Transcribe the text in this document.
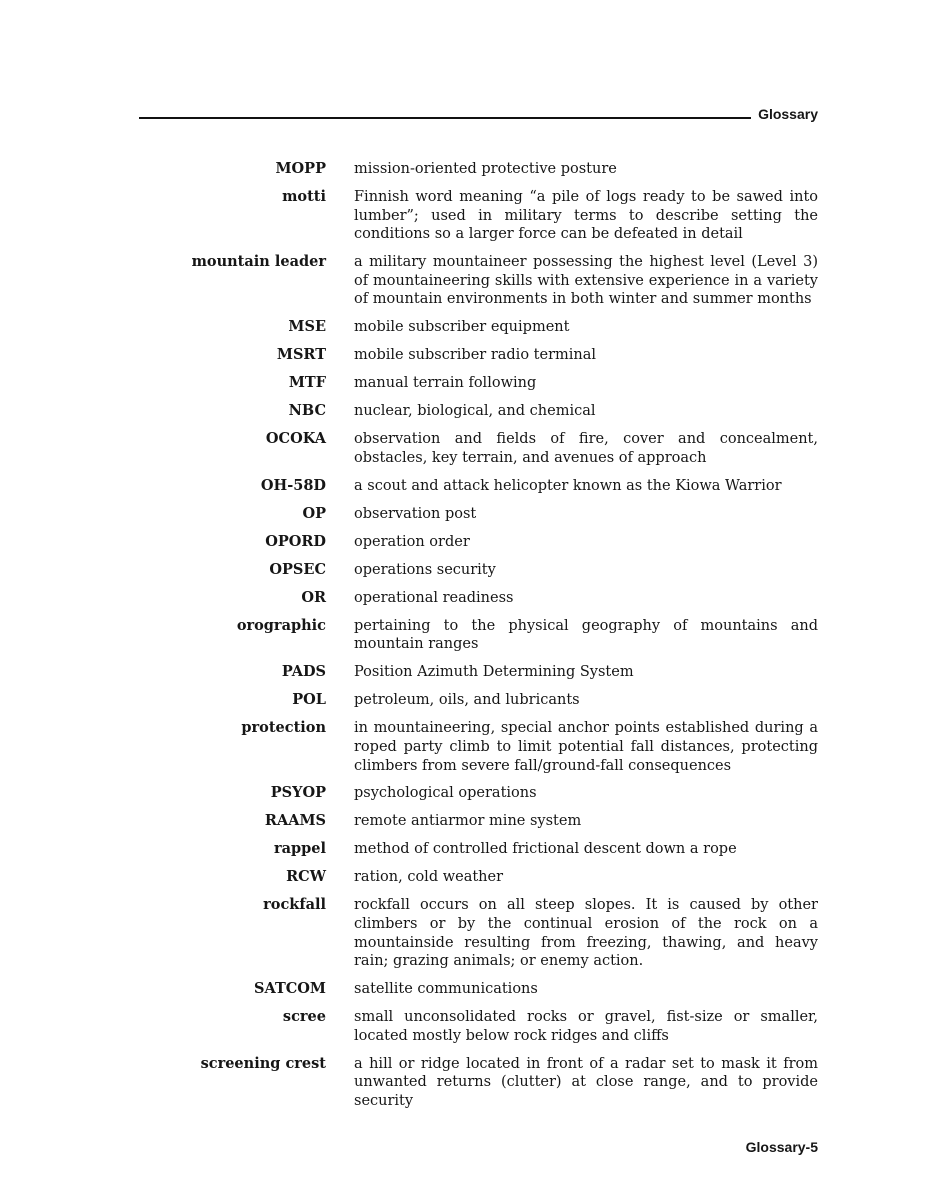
Glossary
MOPP mission-oriented protective posture
motti Finnish word meaning “a pile of logs ready to be sawed into lumber”; used in military terms to describe setting the conditions so a larger force can be defeated in detail
mountain leader a military mountaineer possessing the highest level (Level 3) of mountaineering skills with extensive experience in a variety of mountain environments in both winter and summer months
MSE mobile subscriber equipment
MSRT mobile subscriber radio terminal
MTF manual terrain following
NBC nuclear, biological, and chemical
OCOKA observation and fields of fire, cover and concealment, obstacles, key terrain, and avenues of approach
OH-58D a scout and attack helicopter known as the Kiowa Warrior
OP observation post
OPORD operation order
OPSEC operations security
OR operational readiness
orographic pertaining to the physical geography of mountains and mountain ranges
PADS Position Azimuth Determining System
POL petroleum, oils, and lubricants
protection in mountaineering, special anchor points established during a roped party climb to limit potential fall distances, protecting climbers from severe fall/ground-fall consequences
PSYOP psychological operations
RAAMS remote antiarmor mine system
rappel method of controlled frictional descent down a rope
RCW ration, cold weather
rockfall rockfall occurs on all steep slopes. It is caused by other climbers or by the continual erosion of the rock on a mountainside resulting from freezing, thawing, and heavy rain; grazing animals; or enemy action.
SATCOM satellite communications
scree small unconsolidated rocks or gravel, fist-size or smaller, located mostly below rock ridges and cliffs
screening crest a hill or ridge located in front of a radar set to mask it from unwanted returns (clutter) at close range, and to provide security
Glossary-5
